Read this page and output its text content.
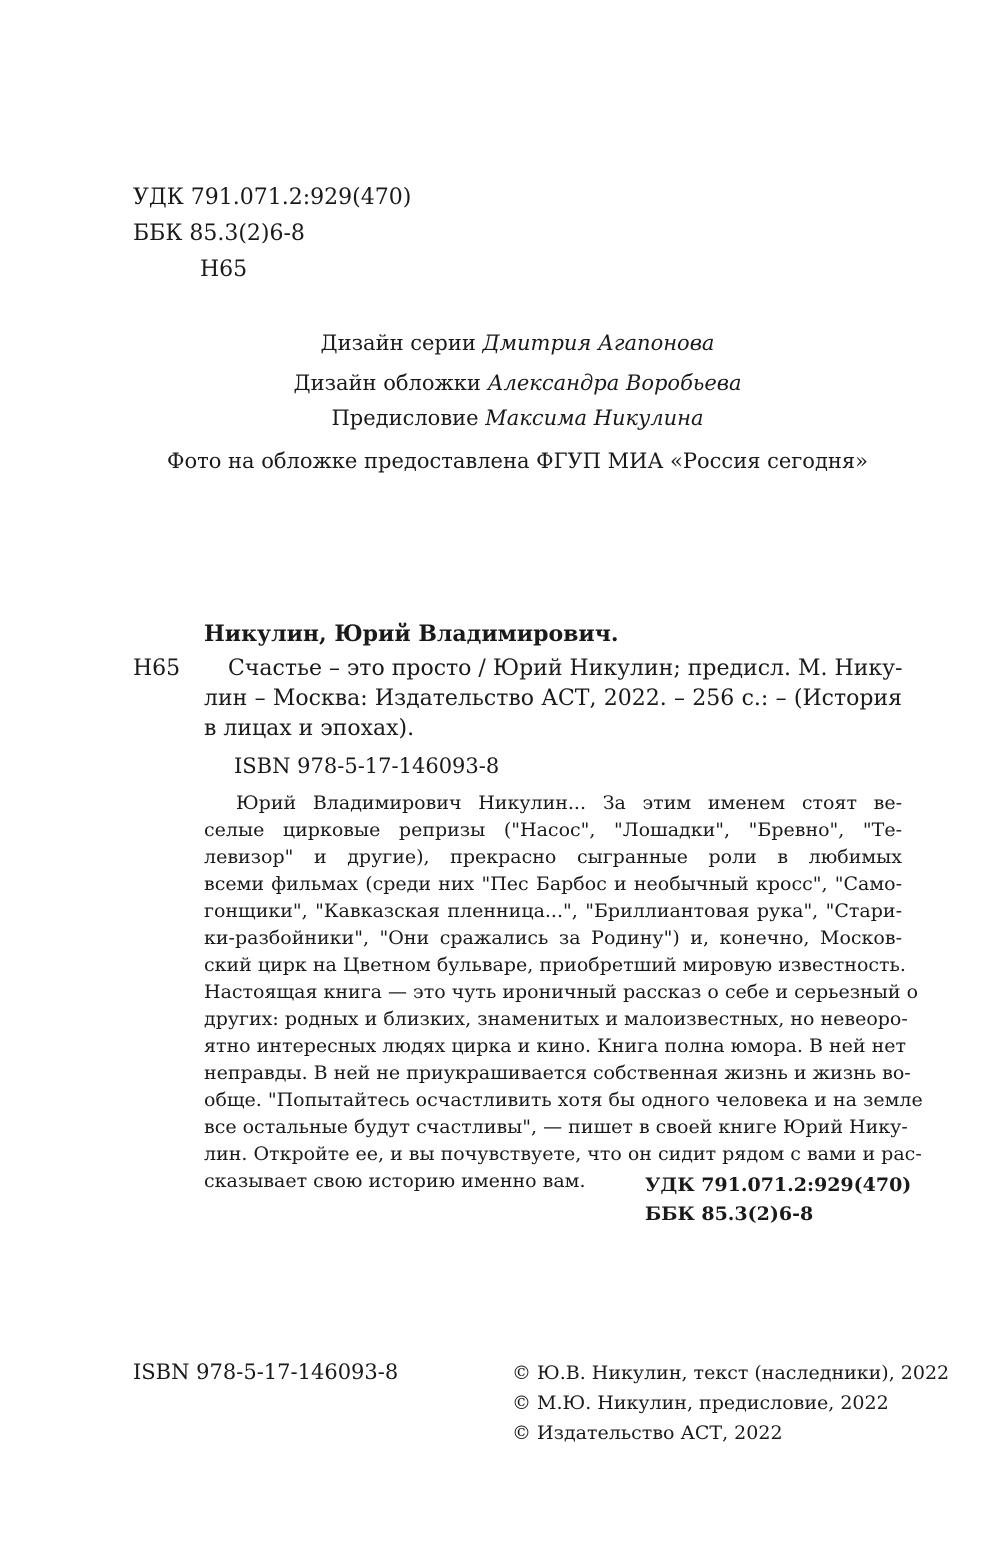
УДК 791.071.2:929(470)

ББК 85.3(2)6-8

Н65

Дизайн серии Дмитрия Агапонова

Дизайн обложки Александра Воробьева

Предисловие Максима Никулина

Фото на обложке предоставлена ФГУП МИА «Россия сегодня»

Никулин, Юрий Владимирович.

Н65	Счастье – это просто / Юрий Никулин; предисл. М. Нику-
лин – Москва: Издательство АСТ, 2022. – 256 с.: – (История
в лицах и эпохах).

ISBN 978-5-17-146093-8

Юрий Владимирович Никулин... За этим именем стоят ве-
селые цирковые репризы ("Насос", "Лошадки", "Бревно", "Те-
левизор" и другие), прекрасно сыгранные роли в любимых
всеми фильмах (среди них "Пес Барбос и необычный кросс", "Само-
гонщики", "Кавказская пленница...", "Бриллиантовая рука", "Стари-
ки-разбойники", "Они сражались за Родину") и, конечно, Москов-
ский цирк на Цветном бульваре, приобретший мировую известность.
Настоящая книга — это чуть ироничный рассказ о себе и серьезный о
других: родных и близких, знаменитых и малоизвестных, но невеоро-
ятно интересных людях цирка и кино. Книга полна юмора. В ней нет
неправды. В ней не приукрашивается собственная жизнь и жизнь во-
обще. "Попытайтесь осчастливить хотя бы одного человека и на земле
все остальные будут счастливы", — пишет в своей книге Юрий Нику-
лин. Откройте ее, и вы почувствуете, что он сидит рядом с вами и рас-
сказывает свою историю именно вам.	УДК 791.071.2:929(470)

ББК 85.3(2)6-8

ISBN 978-5-17-146093-8	© Ю.В. Никулин, текст (наследники), 2022
© М.Ю. Никулин, предисловие, 2022
© Издательство АСТ, 2022
